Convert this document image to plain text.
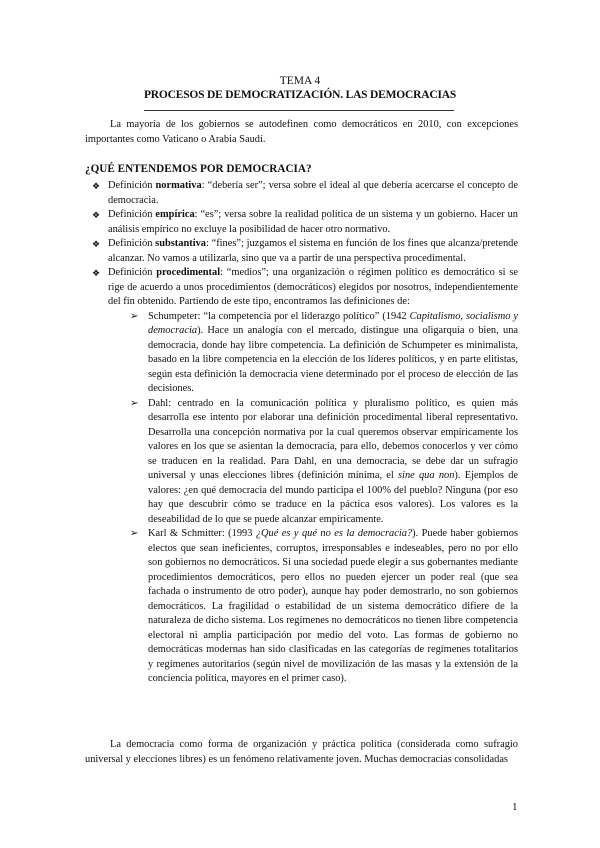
TEMA 4
PROCESOS DE DEMOCRATIZACIÓN. LAS DEMOCRACIAS

La mayoría de los gobiernos se autodefinen como democráticos en 2010, con excepciones importantes como Vaticano o Arabia Saudí.

¿QUÉ ENTENDEMOS POR DEMOCRACIA?
❖ Definición normativa: “debería ser”; versa sobre el ideal al que debería acercarse el concepto de democracia.
❖ Definición empírica: “es”; versa sobre la realidad política de un sistema y un gobierno. Hacer un análisis empírico no excluye la posibilidad de hacer otro normativo.
❖ Definición substantiva: “fines”; juzgamos el sistema en función de los fines que alcanza/pretende alcanzar. No vamos a utilizarla, sino que va a partir de una perspectiva procedimental.
❖ Definición procedimental: “medios”; una organización o régimen político es democrático si se rige de acuerdo a unos procedimientos (democráticos) elegidos por nosotros, independientemente del fin obtenido. Partiendo de este tipo, encontramos las definiciones de:
➢ Schumpeter: “la competencia por el liderazgo político” (1942 Capitalismo, socialismo y democracia). Hace un analogía con el mercado, distingue una oligarquía o bien, una democracia, donde hay libre competencia. La definición de Schumpeter es minimalista, basado en la libre competencia en la elección de los líderes políticos, y en parte elitistas, según esta definición la democracia viene determinado por el proceso de elección de las decisiones.
➢ Dahl: centrado en la comunicación política y pluralismo político, es quien más desarrolla ese intento por elaborar una definición procedimental liberal representativo. Desarrolla una concepción normativa por la cual queremos observar empíricamente los valores en los que se asientan la democracia, para ello, debemos conocerlos y ver cómo se traducen en la realidad. Para Dahl, en una democracia, se debe dar un sufragio universal y unas elecciones libres (definición mínima, el sine qua non). Ejemplos de valores: ¿en qué democracia del mundo participa el 100% del pueblo? Ninguna (por eso hay que descubrir cómo se traduce en la páctica esos valores). Los valores es la deseabilidad de lo que se puede alcanzar empíricamente.
➢ Karl & Schmitter: (1993 ¿Qué es y qué no es la democracia?). Puede haber gobiernos electos que sean ineficientes, corruptos, irresponsables e indeseables, pero no por ello son gobiernos no democráticos. Si una sociedad puede elegir a sus gobernantes mediante procedimientos democráticos, pero ellos no pueden ejercer un poder real (que sea fachada o instrumento de otro poder), aunque hay poder demostrarlo, no son gobiernos democráticos. La fragilidad o estabilidad de un sistema democrático difiere de la naturaleza de dicho sistema. Los regímenes no democráticos no tienen libre competencia electoral ni amplia participación por medio del voto. Las formas de gobierno no democráticas modernas han sido clasificadas en las categorías de regímenes totalitarios y regímenes autoritarios (según nivel de movilización de las masas y la extensión de la conciencia política, mayores en el primer caso).

La democracia como forma de organización y práctica política (considerada como sufragio universal y elecciones libres) es un fenómeno relativamente joven. Muchas democracias consolidadas

1
